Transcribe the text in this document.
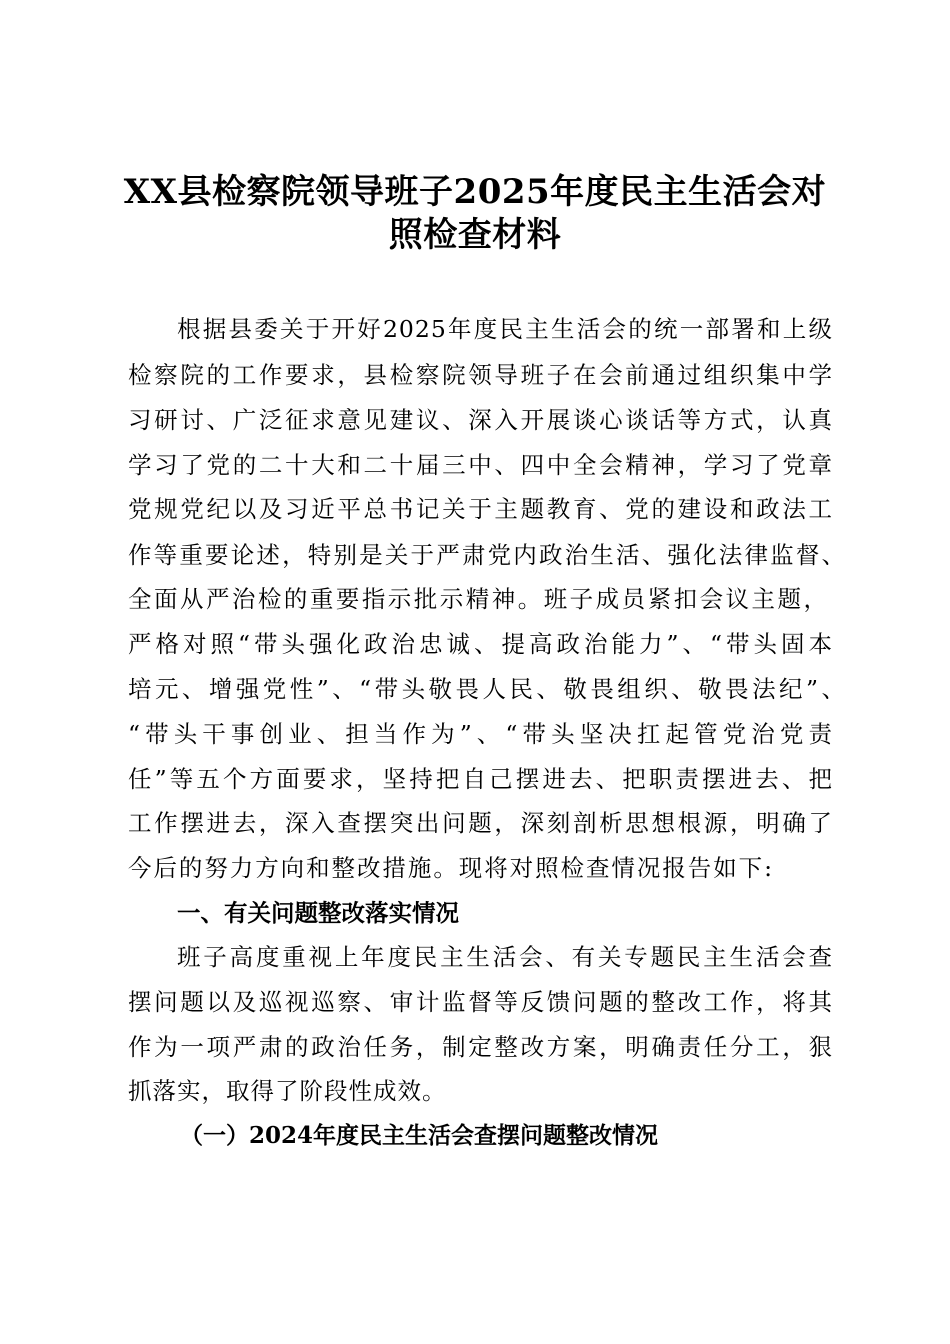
XX县检察院领导班子2025年度民主生活会对
照检查材料
根据县委关于开好2025年度民主生活会的统一部署和上级
检察院的工作要求，县检察院领导班子在会前通过组织集中学
习研讨、广泛征求意见建议、深入开展谈心谈话等方式，认真
学习了党的二十大和二十届三中、四中全会精神，学习了党章
党规党纪以及习近平总书记关于主题教育、党的建设和政法工
作等重要论述，特别是关于严肃党内政治生活、强化法律监督、
全面从严治检的重要指示批示精神。班子成员紧扣会议主题，
严格对照“带头强化政治忠诚、提高政治能力”、“带头固本
培元、增强党性”、“带头敬畏人民、敬畏组织、敬畏法纪”、
“带头干事创业、担当作为”、“带头坚决扛起管党治党责
任”等五个方面要求，坚持把自己摆进去、把职责摆进去、把
工作摆进去，深入查摆突出问题，深刻剖析思想根源，明确了
今后的努力方向和整改措施。现将对照检查情况报告如下:
一、有关问题整改落实情况
班子高度重视上年度民主生活会、有关专题民主生活会查
摆问题以及巡视巡察、审计监督等反馈问题的整改工作，将其
作为一项严肃的政治任务，制定整改方案，明确责任分工，狠
抓落实，取得了阶段性成效。
（一）2024年度民主生活会查摆问题整改情况
